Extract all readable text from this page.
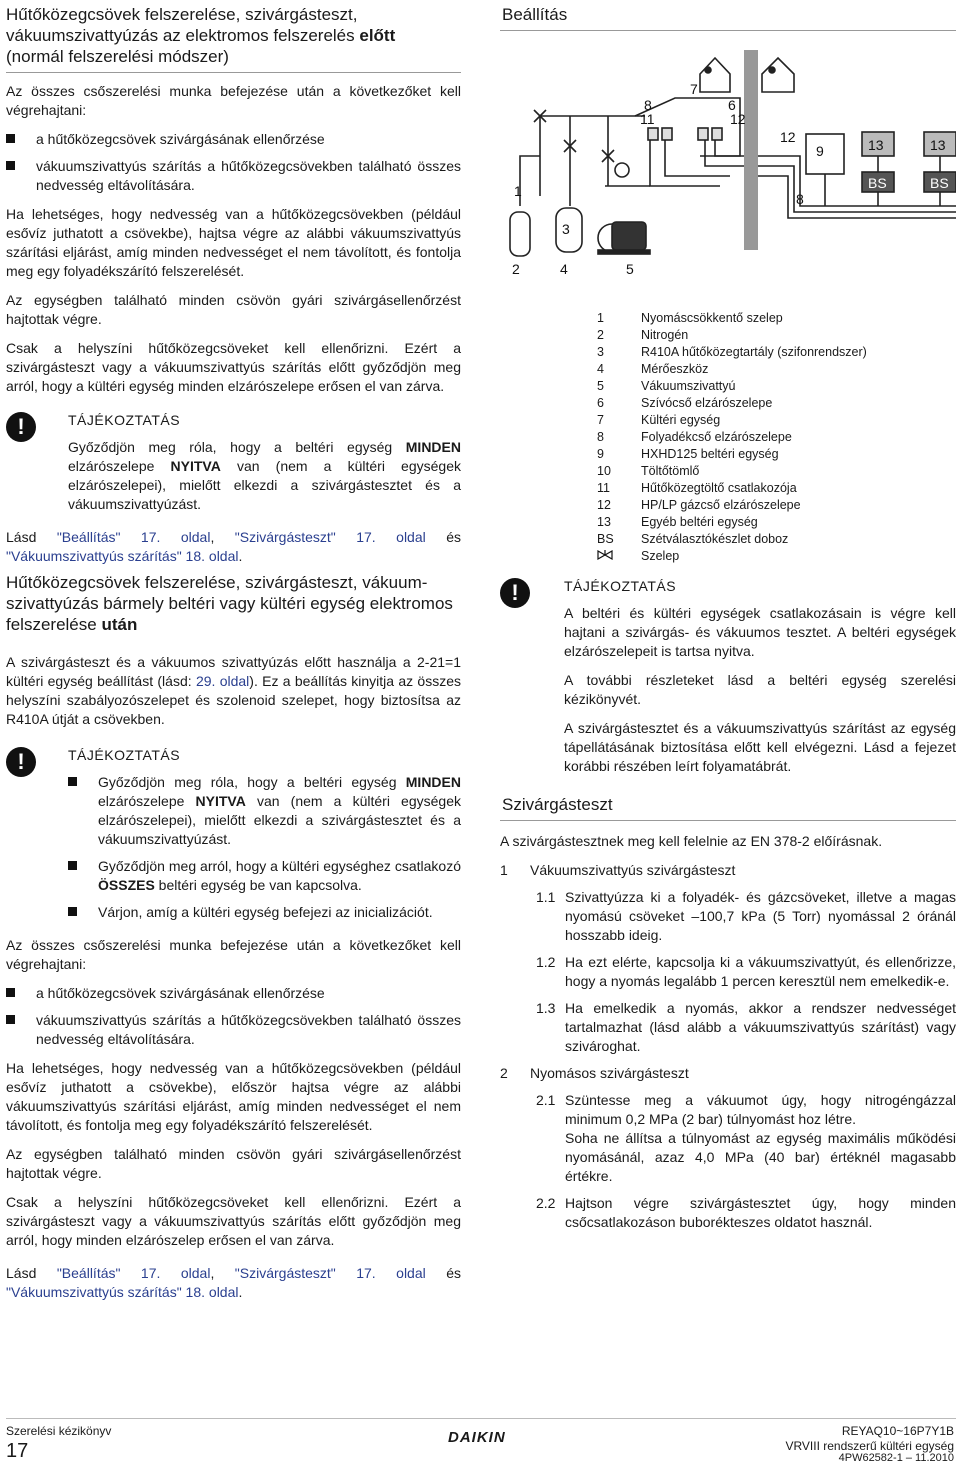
Hűtőközegcsövek felszerelése, szivárgásteszt,
vákuumszivattyúzás az elektromos felszerelés előtt
(normál felszerelési módszer)

Az összes csőszerelési munka befejezése után a következőket kell végrehajtani:

a hűtőközegcsövek szivárgásának ellenőrzése
vákuumszivattyús szárítás a hűtőközegcsövekben található összes nedvesség eltávolítására.

Ha lehetséges, hogy nedvesség van a hűtőközegcsövekben (például esővíz juthatott a csövekbe), hajtsa végre az alábbi vákuumszivattyús szárítási eljárást, amíg minden nedvességet el nem távolított, és fontolja meg egy folyadékszárító felszerelését.

Az egységben található minden csövön gyári szivárgásellenőrzést hajtottak végre.

Csak a helyszíni hűtőközegcsöveket kell ellenőrizni. Ezért a szivárgásteszt vagy a vákuumszivattyús szárítás előtt győződjön meg arról, hogy a kültéri egység minden elzárószelepe erősen el van zárva.

!	TÁJÉKOZTATÁS

Győződjön meg róla, hogy a beltéri egység MINDEN elzárószelepe NYITVA van (nem a kültéri egységek elzárószelepei), mielőtt elkezdi a szivárgástesztet és a vákuumszivattyúzást.

Lásd "Beállítás" 17. oldal, "Szivárgásteszt" 17. oldal és "Vákuumszivattyús szárítás" 18. oldal.

Hűtőközegcsövek felszerelése, szivárgásteszt, vákuum-
szivattyúzás bármely beltéri vagy kültéri egység elektromos
felszerelése után

A szivárgásteszt és a vákuumos szivattyúzás előtt használja a 2-21=1 kültéri egység beállítást (lásd: 29. oldal). Ez a beállítás kinyitja az összes helyszíni szabályozószelepet és szolenoid szelepet, hogy biztosítsa az R410A útját a csövekben.

!	TÁJÉKOZTATÁS
Győződjön meg róla, hogy a beltéri egység MINDEN elzárószelepe NYITVA van (nem a kültéri egységek elzárószelepei), mielőtt elkezdi a szivárgástesztet és a vákuumszivattyúzást.
Győződjön meg arról, hogy a kültéri egységhez csatlakozó ÖSSZES beltéri egység be van kapcsolva.
Várjon, amíg a kültéri egység befejezi az inicializációt.

Az összes csőszerelési munka befejezése után a következőket kell végrehajtani:

a hűtőközegcsövek szivárgásának ellenőrzése
vákuumszivattyús szárítás a hűtőközegcsövekben található összes nedvesség eltávolítására.

Ha lehetséges, hogy nedvesség van a hűtőközegcsövekben (például esővíz juthatott a csövekbe), először hajtsa végre az alábbi vákuumszivattyús szárítási eljárást, amíg minden nedvességet el nem távolított, és fontolja meg egy folyadékszárító felszerelését.

Az egységben található minden csövön gyári szivárgásellenőrzést hajtottak végre.

Csak a helyszíni hűtőközegcsöveket kell ellenőrizni. Ezért a szivárgásteszt vagy a vákuumszivattyús szárítás előtt győződjön meg arról, hogy minden elzárószelep erősen el van zárva.

Lásd "Beállítás" 17. oldal, "Szivárgásteszt" 17. oldal és "Vákuumszivattyús szárítás" 18. oldal.

Beállítás
1
2
3
4	5
6
7
8
9
11	12
12
8
13	13
BS	BS
1	Nyomáscsökkentő szelep
2	Nitrogén
3	R410A hűtőközegtartály (szifonrendszer)
4	Mérőeszköz
5	Vákuumszivattyú
6	Szívócső elzárószelepe
7	Kültéri egység
8	Folyadékcső elzárószelepe
9	HXHD125 beltéri egység
10 Töltőtömlő
11 Hűtőközegtöltő csatlakozója
12 HP/LP gázcső elzárószelepe
13 Egyéb beltéri egység
BS Szétválasztókészlet doboz
Szelep
!	TÁJÉKOZTATÁS

A beltéri és kültéri egységek csatlakozásain is végre kell hajtani a szivárgás- és vákuumos tesztet. A beltéri egységek elzárószelepeit is tartsa nyitva.

A további részleteket lásd a beltéri egység szerelési kézikönyvét.

A szivárgástesztet és a vákuumszivattyús szárítást az egység tápellátásának biztosítása előtt kell elvégezni. Lásd a fejezet korábbi részében leírt folyamatábrát.

Szivárgásteszt

A szivárgástesztnek meg kell felelnie az EN 378-2 előírásnak.

1 Vákuumszivattyús szivárgásteszt
1.1 Szivattyúzza ki a folyadék- és gázcsöveket, illetve a magas nyomású csöveket –100,7 kPa (5 Torr) nyomással 2 óránál hosszabb ideig.
1.2 Ha ezt elérte, kapcsolja ki a vákuumszivattyút, és ellenőrizze, hogy a nyomás legalább 1 percen keresztül nem emelkedik-e.
1.3 Ha emelkedik a nyomás, akkor a rendszer nedvességet tartalmazhat (lásd alább a vákuumszivattyús szárítást) vagy szivároghat.
2 Nyomásos szivárgásteszt
2.1 Szüntesse meg a vákuumot úgy, hogy nitrogéngázzal minimum 0,2 MPa (2 bar) túlnyomást hoz létre.
Soha ne állítsa a túlnyomást az egység maximális működési nyomásánál, azaz 4,0 MPa (40 bar) értéknél magasabb értékre.
2.2 Hajtson végre szivárgástesztet úgy, hogy minden csőcsatlakozáson buborékteszes oldatot használ.
Szerelési kézikönyv
17
DAIKIN	REYAQ10~16P7Y1B
VRVIII rendszerű kültéri egység
4PW62582-1 – 11.2010
